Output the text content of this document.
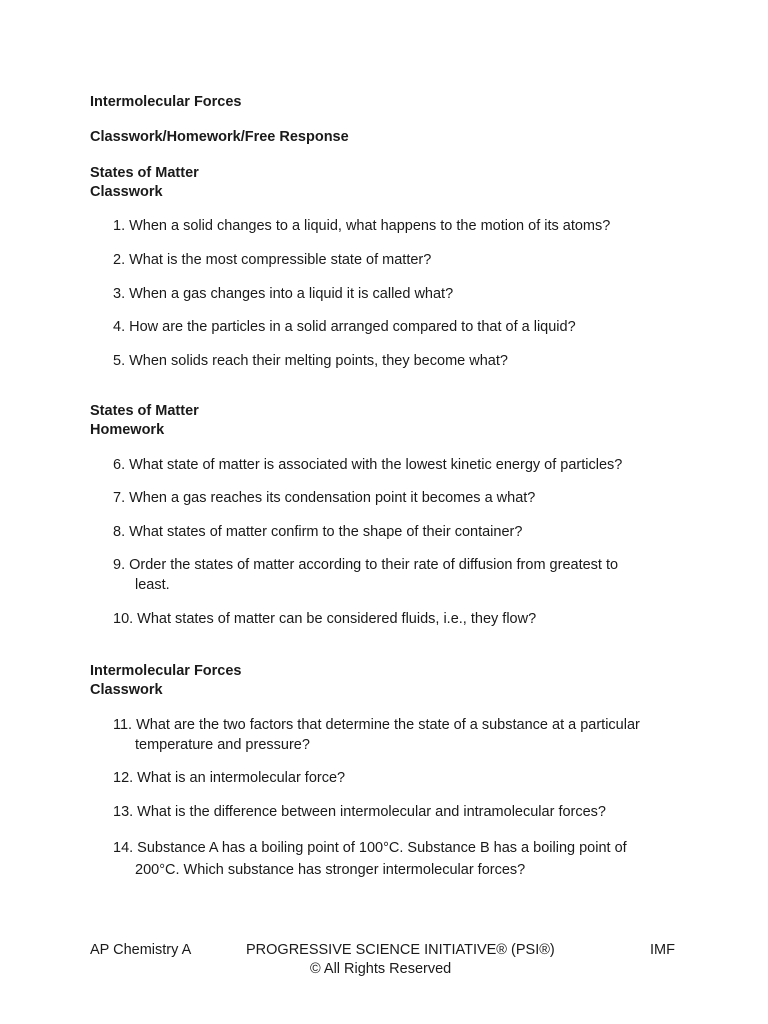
Intermolecular Forces
Classwork/Homework/Free Response
States of Matter
Classwork
1. When a solid changes to a liquid, what happens to the motion of its atoms?
2. What is the most compressible state of matter?
3. When a gas changes into a liquid it is called what?
4. How are the particles in a solid arranged compared to that of a liquid?
5. When solids reach their melting points, they become what?
States of Matter
Homework
6. What state of matter is associated with the lowest kinetic energy of particles?
7. When a gas reaches its condensation point it becomes a what?
8. What states of matter confirm to the shape of their container?
9. Order the states of matter according to their rate of diffusion from greatest to
least.
10. What states of matter can be considered fluids, i.e., they flow?
Intermolecular Forces
Classwork
11. What are the two factors that determine the state of a substance at a particular
temperature and pressure?
12. What is an intermolecular force?
13. What is the difference between intermolecular and intramolecular forces?
14. Substance A has a boiling point of 100°C. Substance B has a boiling point of
200°C. Which substance has stronger intermolecular forces?
AP Chemistry A	PROGRESSIVE SCIENCE INITIATIVE® (PSI®)
© All Rights Reserved
IMF
